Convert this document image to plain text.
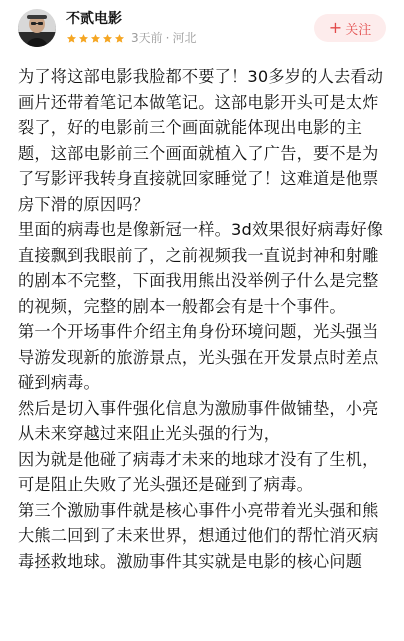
不贰电影
3天前 · 河北
+ 关注

为了将这部电影我脸都不要了！30多岁的人去看动画片还带着笔记本做笔记。这部电影开头可是太炸裂了，好的电影前三个画面就能体现出电影的主题，这部电影前三个画面就植入了广告，要不是为了写影评我转身直接就回家睡觉了！这难道是他票房下滑的原因吗？

里面的病毒也是像新冠一样。3d效果很好病毒好像直接飘到我眼前了，之前视频我一直说封神和射雕的剧本不完整，下面我用熊出没举例子什么是完整的视频，完整的剧本一般都会有是十个事件。

第一个开场事件介绍主角身份环境问题，光头强当导游发现新的旅游景点，光头强在开发景点时差点碰到病毒。

然后是切入事件强化信息为激励事件做铺垫，小亮从未来穿越过来阻止光头强的行为，

因为就是他碰了病毒才未来的地球才没有了生机，可是阻止失败了光头强还是碰到了病毒。

第三个激励事件就是核心事件小亮带着光头强和熊大熊二回到了未来世界，想通过他们的帮忙消灭病毒拯救地球。激励事件其实就是电影的核心问题
